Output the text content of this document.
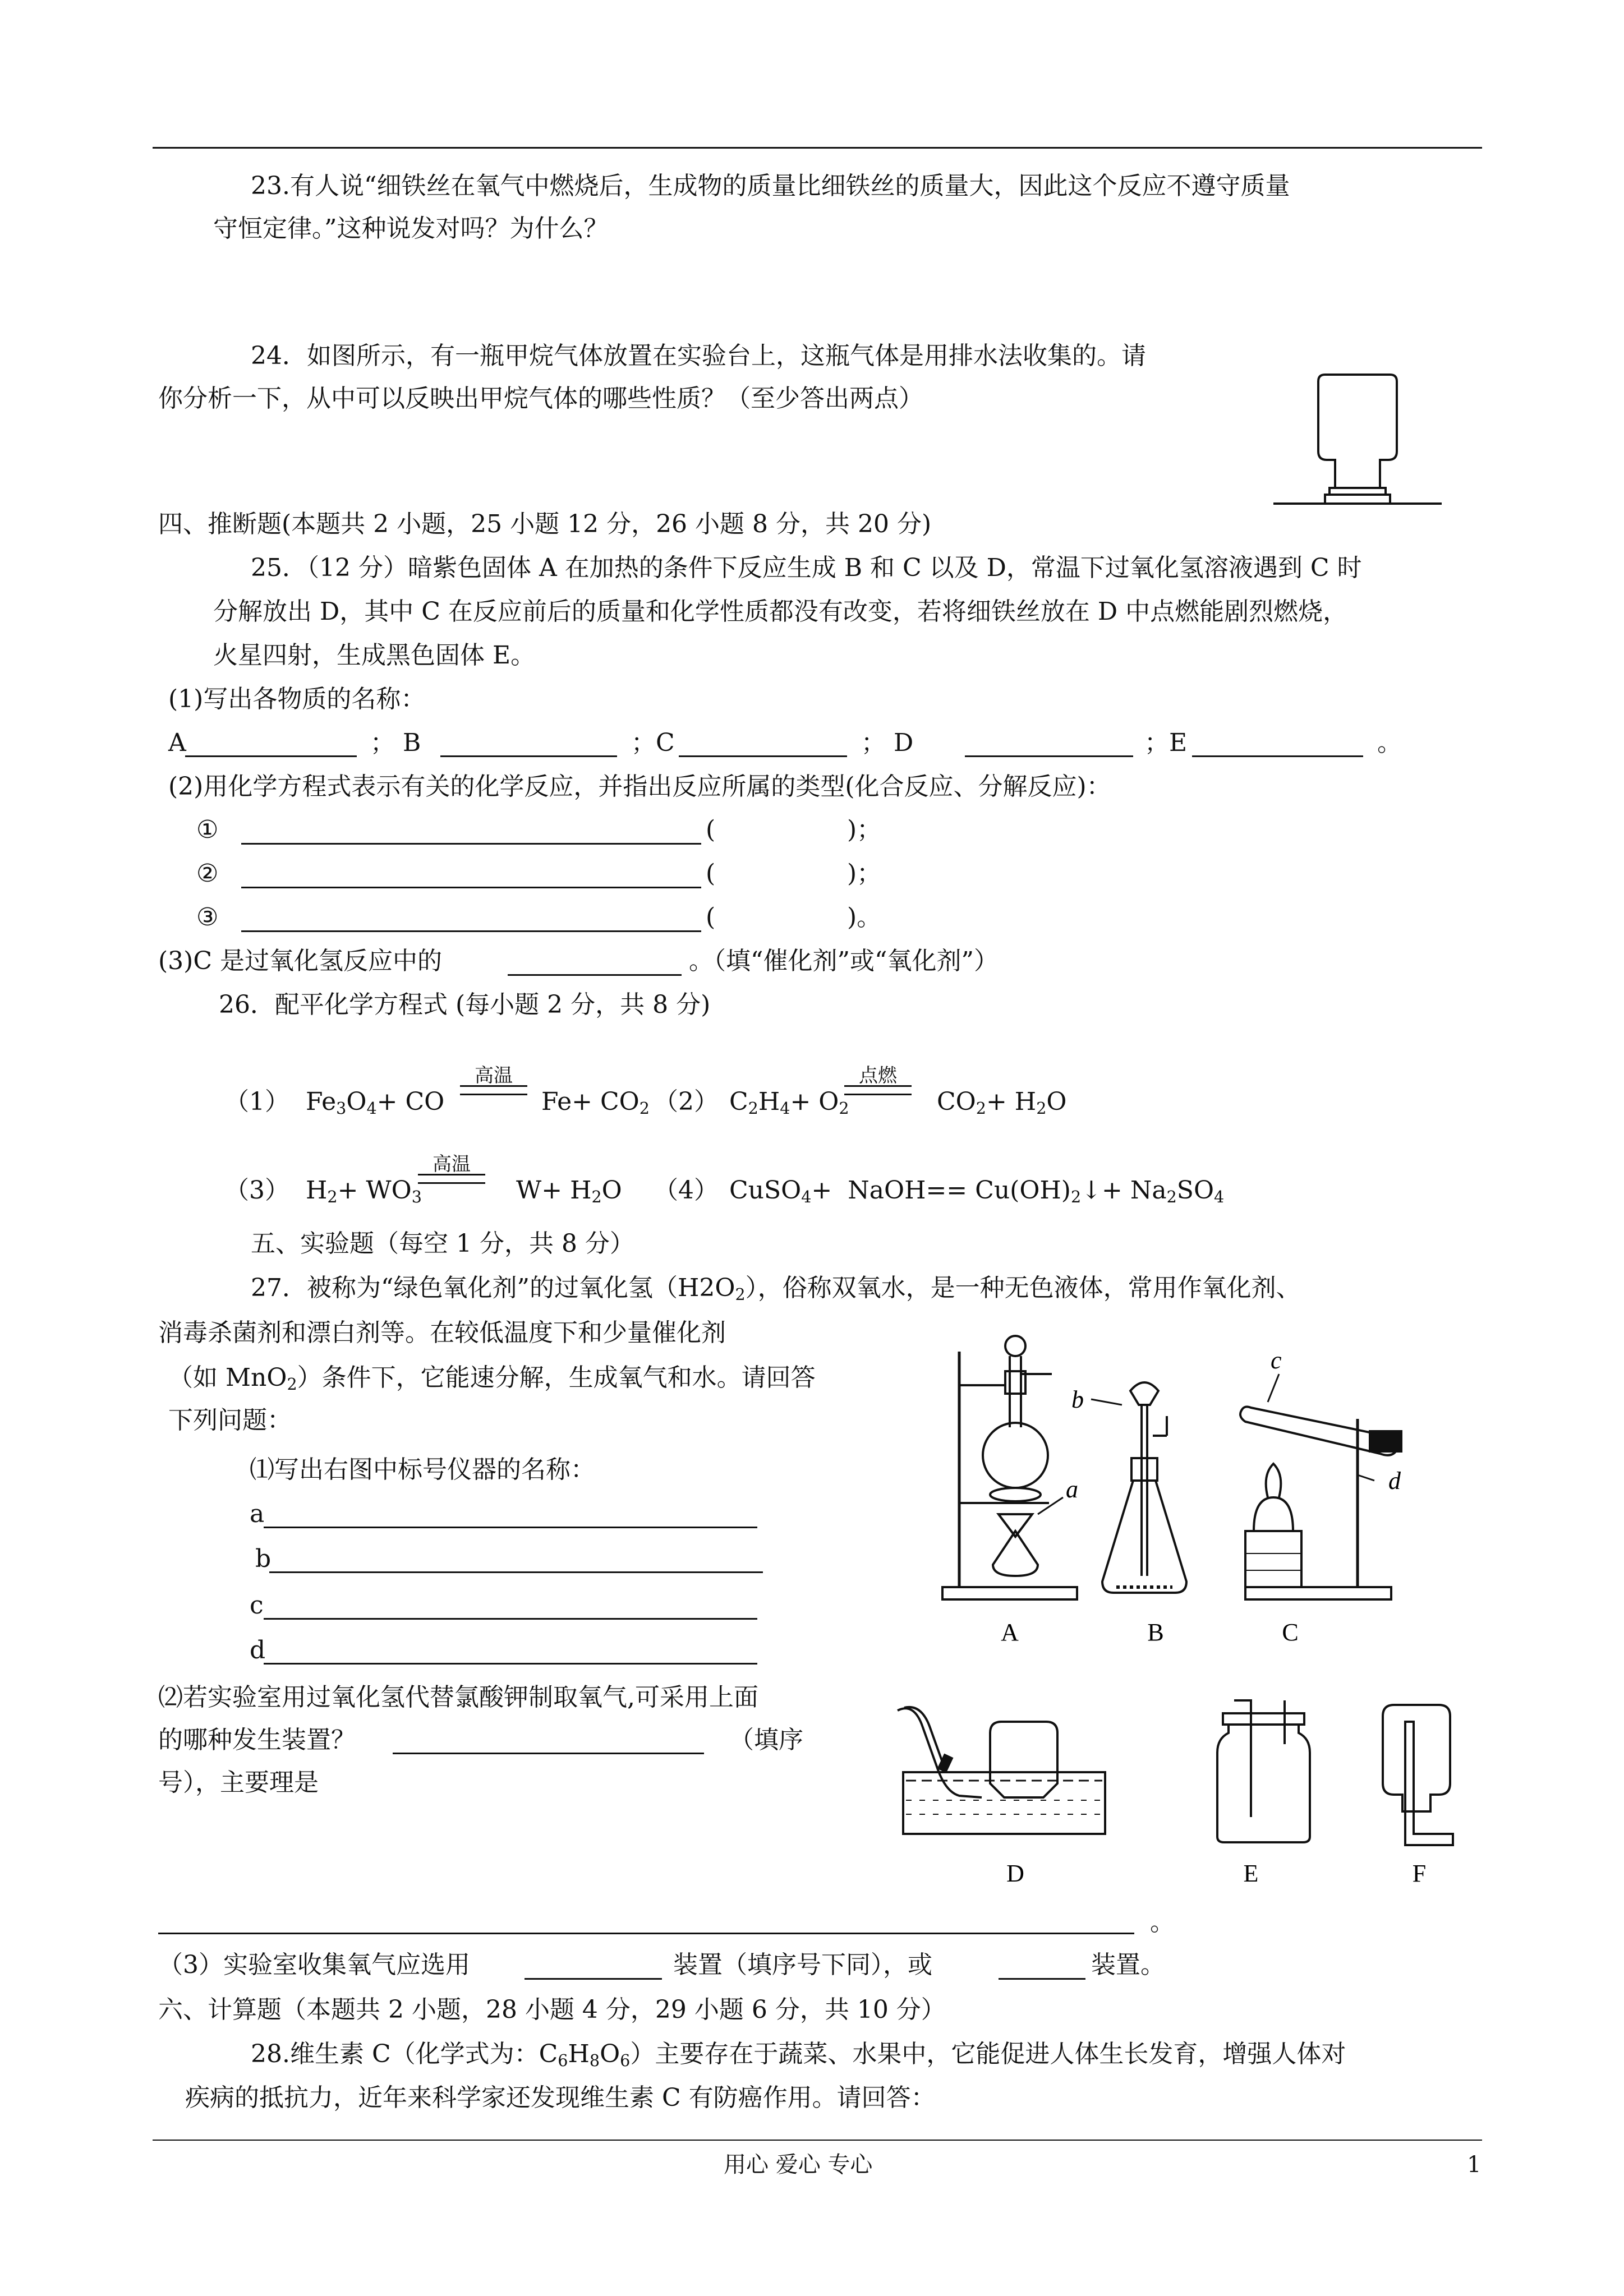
23.有人说“细铁丝在氧气中燃烧后，生成物的质量比细铁丝的质量大，因此这个反应不遵守质量
守恒定律。”这种说发对吗？为什么？
24．如图所示，有一瓶甲烷气体放置在实验台上，这瓶气体是用排水法收集的。请
你分析一下，从中可以反映出甲烷气体的哪些性质？（至少答出两点）
四、推断题(本题共 2 小题，25 小题 12 分，26 小题 8 分，共 20 分)
25．（12 分）暗紫色固体 A 在加热的条件下反应生成 B 和 C 以及 D，常温下过氧化氢溶液遇到 C 时
分解放出 D，其中 C 在反应前后的质量和化学性质都没有改变，若将细铁丝放在 D 中点燃能剧烈燃烧，
火星四射，生成黑色固体 E。
(1)写出各物质的名称：
A	； B	；C	； D	；E	。
(2)用化学方程式表示有关的化学反应，并指出反应所属的类型(化合反应、分解反应)：
①	(	)；
②	(	)；
③	(	)。
(3)C 是过氧化氢反应中的	。（填“催化剂”或“氧化剂”）
26．配平化学方程式 (每小题 2 分，共 8 分)
（1） $Fe_3O_4+$ CO
高温
$Fe+ CO_2$ （2） $C_2H_4+ O_2$
点燃
$CO_2+ H_2O$
（3） $H_2+ WO_3$
高温
$W+ H_2O$ （4） CuSO$_4$+  NaOH== $Cu(OH)_2↓+ Na_2SO_4$
五、实验题（每空 1 分，共 8 分）
27．被称为“绿色氧化剂”的过氧化氢$(H2O_2)$，俗称双氧水，是一种无色液体，常用作氧化剂、
消毒杀菌剂和漂白剂等。在较低温度下和少量催化剂
（如 MnO$_2$）条件下，它能速分解，生成氧气和水。请回答
下列问题：
⑴写出右图中标号仪器的名称：
a
b
c
d
a
b
c
d
A	B	C
⑵若实验室用过氧化氢代替氯酸钾制取氧气,可采用上面
的哪种发生装置？	（填序
号），主要理是
D	E	F
。
（3）实验室收集氧气应选用	装置（填序号下同），或	装置。
六、计算题（本题共 2 小题，28 小题 4 分，29 小题 6 分，共 10 分）
28.维生素 C（化学式为：$C_6H_8O_6$）主要存在于蔬菜、水果中，它能促进人体生长发育，增强人体对
疾病的抵抗力，近年来科学家还发现维生素 C 有防癌作用。请回答：
用心 爱心 专心	1
